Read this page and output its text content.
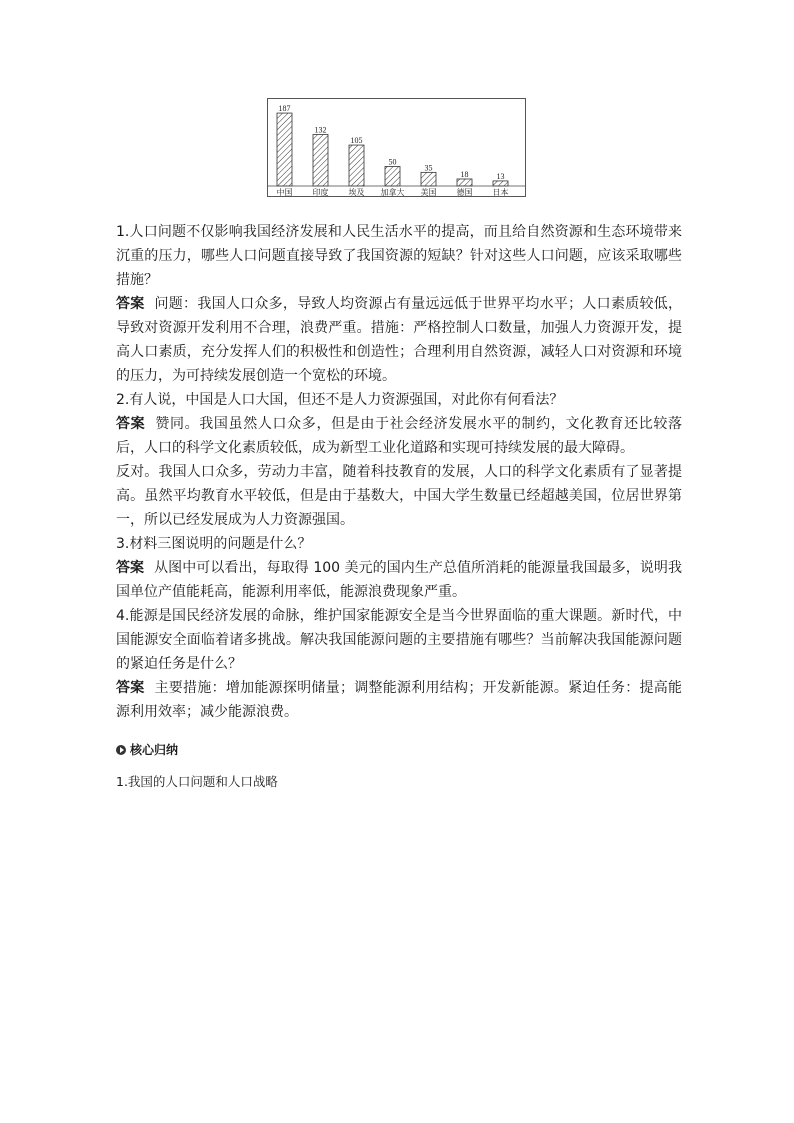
187
132
105
50
35
18	13
中国	印度	埃及 加拿大 美国	德国	日本

1.人口问题不仅影响我国经济发展和人民生活水平的提高，而且给自然资源和生态环境带来沉重的压力，哪些人口问题直接导致了我国资源的短缺？针对这些人口问题，应该采取哪些措施？

答案 问题：我国人口众多，导致人均资源占有量远远低于世界平均水平；人口素质较低，导致对资源开发利用不合理，浪费严重。措施：严格控制人口数量，加强人力资源开发，提高人口素质，充分发挥人们的积极性和创造性；合理利用自然资源，减轻人口对资源和环境的压力，为可持续发展创造一个宽松的环境。

2.有人说，中国是人口大国，但还不是人力资源强国，对此你有何看法？

答案 赞同。我国虽然人口众多，但是由于社会经济发展水平的制约，文化教育还比较落后，人口的科学文化素质较低，成为新型工业化道路和实现可持续发展的最大障碍。

反对。我国人口众多，劳动力丰富，随着科技教育的发展，人口的科学文化素质有了显著提高。虽然平均教育水平较低，但是由于基数大，中国大学生数量已经超越美国，位居世界第一，所以已经发展成为人力资源强国。

3.材料三图说明的问题是什么？

答案 从图中可以看出，每取得 100 美元的国内生产总值所消耗的能源量我国最多，说明我国单位产值能耗高，能源利用率低，能源浪费现象严重。

4.能源是国民经济发展的命脉，维护国家能源安全是当今世界面临的重大课题。新时代，中国能源安全面临着诸多挑战。解决我国能源问题的主要措施有哪些？当前解决我国能源问题的紧迫任务是什么？

答案 主要措施：增加能源探明储量；调整能源利用结构；开发新能源。紧迫任务：提高能源利用效率；减少能源浪费。

核心归纳
1.我国的人口问题和人口战略
